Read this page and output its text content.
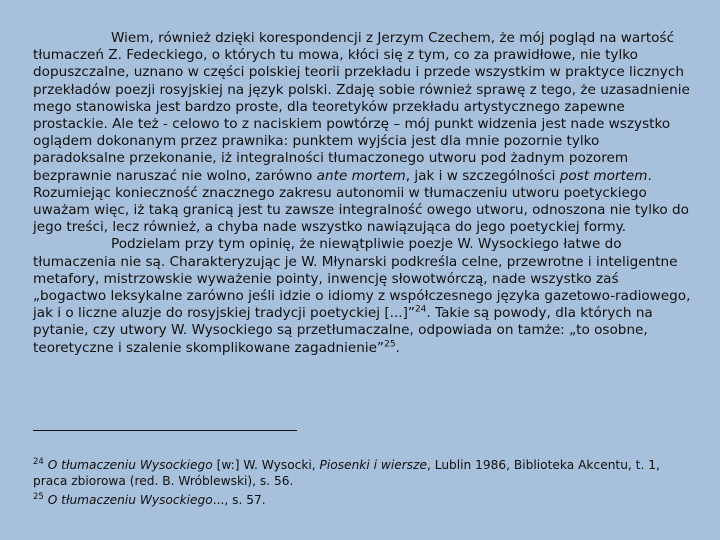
Wiem, również dzięki korespondencji z Jerzym Czechem, że mój pogląd na wartość tłumaczeń Z. Fedeckiego, o których tu mowa, kłóci się z tym, co za prawidłowe, nie tylko dopuszczalne, uznano w części polskiej teorii przekładu i przede wszystkim w praktyce licznych przekładów poezji rosyjskiej na język polski. Zdaję sobie również sprawę z tego, że uzasadnienie mego stanowiska jest bardzo proste, dla teoretyków przekładu artystycznego zapewne prostackie. Ale też - celowo to z naciskiem powtórzę – mój punkt widzenia jest nade wszystko oglądem dokonanym przez prawnika: punktem wyjścia jest dla mnie pozornie tylko paradoksalne przekonanie, iż integralności tłumaczonego utworu pod żadnym pozorem bezprawnie naruszać nie wolno, zarówno ante mortem, jak i w szczególności post mortem. Rozumiejąc konieczność znacznego zakresu autonomii w tłumaczeniu utworu poetyckiego uważam więc, iż taką granicą jest tu zawsze integralność owego utworu, odnoszona nie tylko do jego treści, lecz również, a chyba nade wszystko nawiązująca do jego poetyckiej formy.

Podzielam przy tym opinię, że niewątpliwie poezje W. Wysockiego łatwe do tłumaczenia nie są. Charakteryzując je W. Młynarski podkreśla celne, przewrotne i inteligentne metafory, mistrzowskie wyważenie pointy, inwencję słowotwórczą, nade wszystko zaś „bogactwo leksykalne zarówno jeśli idzie o idiomy z współczesnego języka gazetowo-radiowego, jak i o liczne aluzje do rosyjskiej tradycji poetyckiej [...]”$^{24}$. Takie są powody, dla których na pytanie, czy utwory W. Wysockiego są przetłumaczalne, odpowiada on tamże: „to osobne, teoretyczne i szalenie skomplikowane zagadnienie”$^{25}$.

$^{24}$ O tłumaczeniu Wysockiego [w:] W. Wysocki, Piosenki i wiersze, Lublin 1986, Biblioteka Akcentu, t. 1, praca zbiorowa (red. B. Wróblewski), s. 56.

$^{25}$ O tłumaczeniu Wysockiego..., s. 57.
